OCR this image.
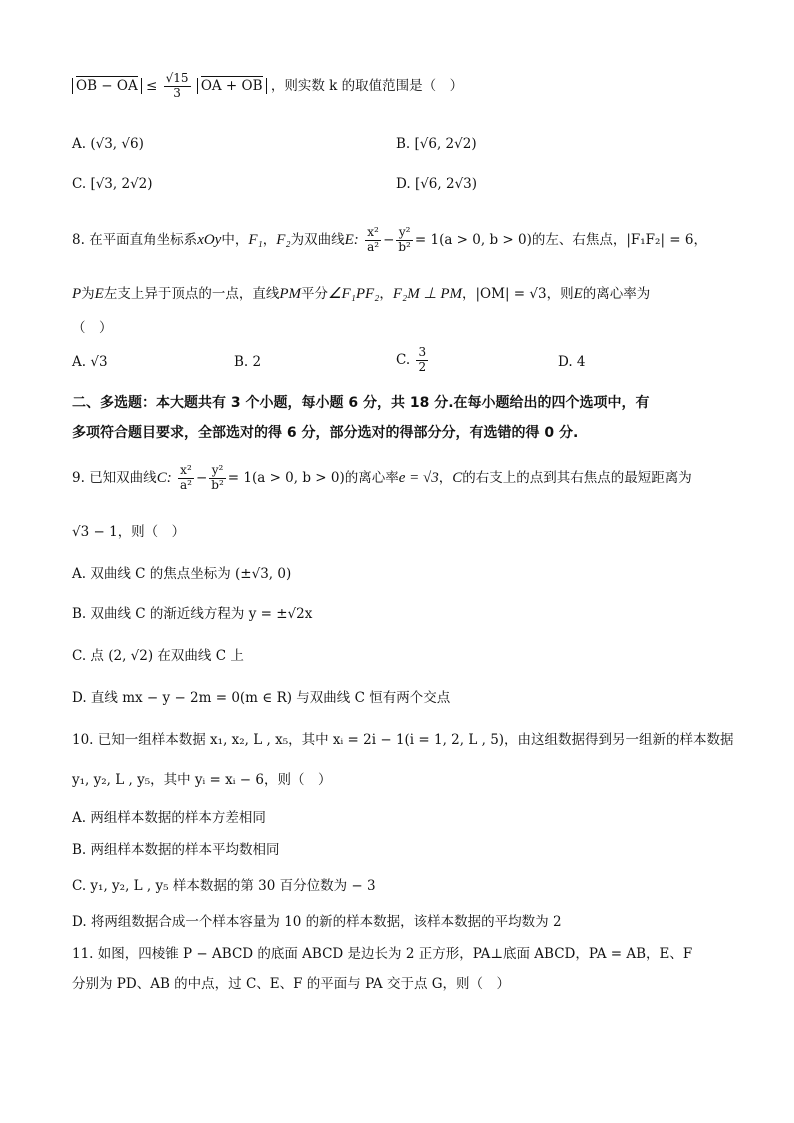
OB − OA ≤ $\frac{√15}{3}$ OA + OB ，则实数 k 的取值范围是（　）
A. (√3, √6)	B. [√6, 2√2)
C. [√3, 2√2)	D. [√6, 2√3)
8. 在平面直角坐标系xOy中，F₁，F₂为双曲线E: $\frac{\text{x²}}{\text{a²}} - \frac{\text{y²}}{\text{b²}} = 1(a > 0$, b > 0)的左、右焦点，|F₁F₂| = 6，
P为E左支上异于顶点的一点，直线PM平分∠F₁PF₂，F₂M ⊥ PM，|OM| = √3，则E的离心率为
（　）
A. √3	B. 2	C. $\frac{3}{2}$	D. 4
二、多选题：本大题共有 3 个小题，每小题 6 分，共 18 分.在每小题给出的四个选项中，有
多项符合题目要求，全部选对的得 6 分，部分选对的得部分分，有选错的得 0 分.
9. 已知双曲线C: $\frac{\text{x²}}{\text{a²}} - \frac{\text{y²}}{\text{b²}} = 1(a > 0$, b > 0)的离心率e = √3，C的右支上的点到其右焦点的最短距离为
√3 − 1，则（　）
A. 双曲线 C 的焦点坐标为 (±√3, 0)
B. 双曲线 C 的渐近线方程为 y = ±√2x
C. 点 (2, √2) 在双曲线 C 上
D. 直线 mx − y − 2m = 0(m ∈ R) 与双曲线 C 恒有两个交点
10. 已知一组样本数据 x₁, x₂, L , x₅，其中 xᵢ = 2i − 1(i = 1, 2, L , 5)，由这组数据得到另一组新的样本数据
y₁, y₂, L , y₅，其中 yᵢ = xᵢ − 6，则（　）
A. 两组样本数据的样本方差相同
B. 两组样本数据的样本平均数相同
C. y₁, y₂, L , y₅ 样本数据的第 30 百分位数为 − 3
D. 将两组数据合成一个样本容量为 10 的新的样本数据，该样本数据的平均数为 2
11. 如图，四棱锥 P − ABCD 的底面 ABCD 是边长为 2 正方形，PA⊥底面 ABCD，PA = AB，E、F
分别为 PD、AB 的中点，过 C、E、F 的平面与 PA 交于点 G，则（　）
